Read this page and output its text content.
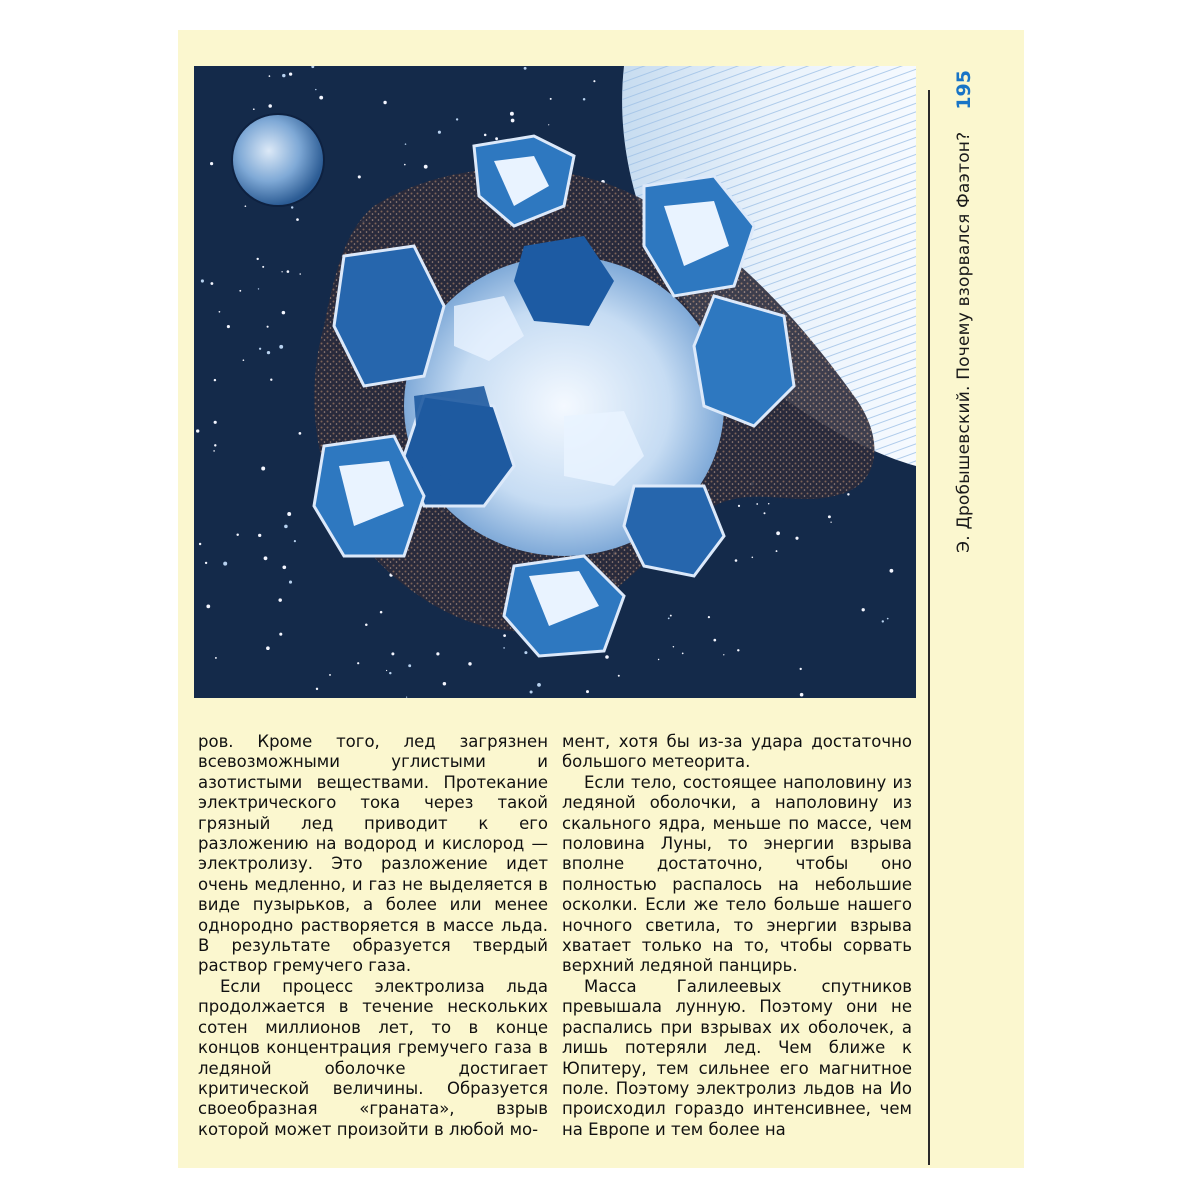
Э. Дробышевский. Почему взорвался Фаэтон?
195

ров. Кроме того, лед загрязнен всевозможными углистыми и азотистыми веществами. Протекание электрического тока через такой грязный лед приводит к его разложению на водород и кислород — электролизу. Это разложение идет очень медленно, и газ не выделяется в виде пузырьков, а более или менее однородно растворяется в массе льда. В результате образуется твердый раствор гремучего газа.

Если процесс электролиза льда продолжается в течение нескольких сотен миллионов лет, то в конце концов концентрация гремучего газа в ледяной оболочке достигает критической величины. Образуется своеобразная «граната», взрыв которой может произойти в любой мо-

мент, хотя бы из-за удара достаточно большого метеорита.

Если тело, состоящее наполовину из ледяной оболочки, а наполовину из скального ядра, меньше по массе, чем половина Луны, то энергии взрыва вполне достаточно, чтобы оно полностью распалось на небольшие осколки. Если же тело больше нашего ночного светила, то энергии взрыва хватает только на то, чтобы сорвать верхний ледяной панцирь.

Масса Галилеевых спутников превышала лунную. Поэтому они не распались при взрывах их оболочек, а лишь потеряли лед. Чем ближе к Юпитеру, тем сильнее его магнитное поле. Поэтому электролиз льдов на Ио происходил гораздо интенсивнее, чем на Европе и тем более на
